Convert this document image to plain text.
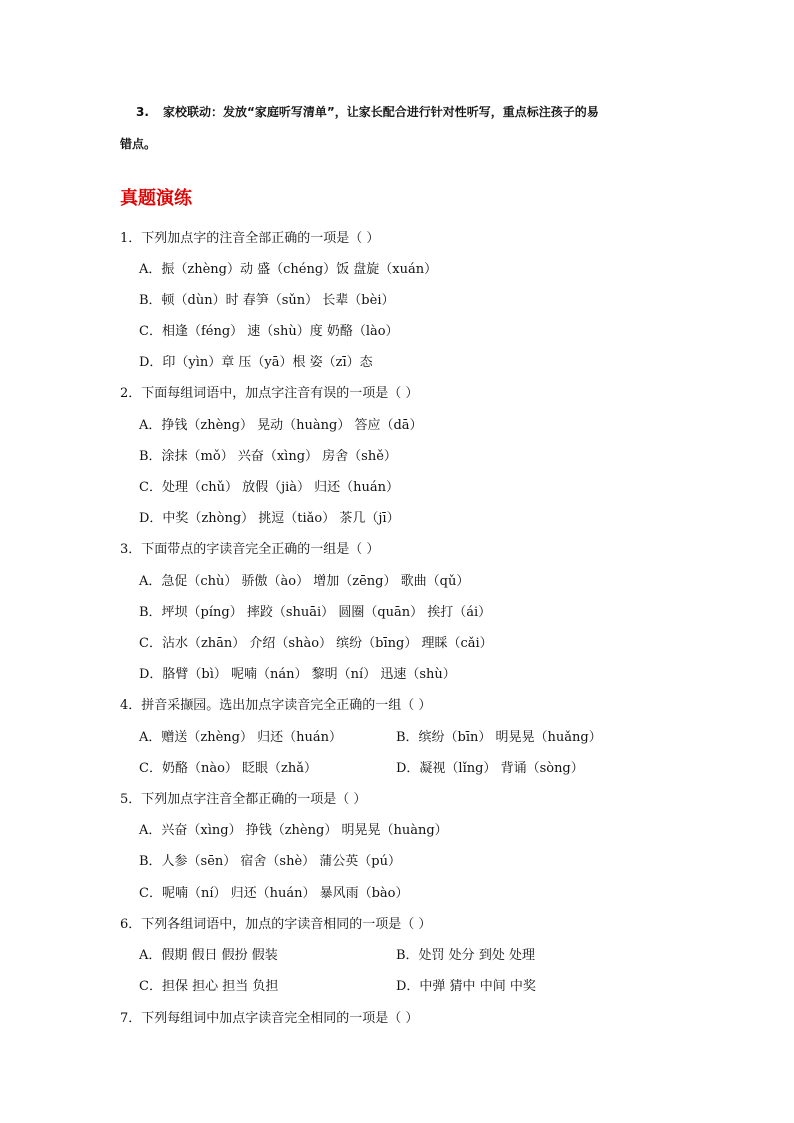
3. 家校联动：发放“家庭听写清单”，让家长配合进行针对性听写，重点标注孩子的易
错点。
真题演练
1．下列加点字的注音全部正确的一项是（ ）
A．振（zhèng）动 盛（chéng）饭 盘旋（xuán）
B．顿（dùn）时 春笋（sǔn） 长辈（bèi）
C．相逢（féng） 速（shù）度 奶酪（lào）
D．印（yìn）章 压（yā）根 姿（zī）态
2．下面每组词语中，加点字注音有误的一项是（ ）
A．挣钱（zhèng） 晃动（huàng） 答应（dā）
B．涂抹（mǒ） 兴奋（xìng） 房舍（shě）
C．处理（chǔ） 放假（jià） 归还（huán）
D．中奖（zhòng） 挑逗（tiǎo） 茶几（jī）
3．下面带点的字读音完全正确的一组是（ ）
A．急促（chù） 骄傲（ào） 增加（zēng） 歌曲（qǔ）
B．坪坝（píng） 摔跤（shuāi） 圆圈（quān） 挨打（ái）
C．沾水（zhān） 介绍（shào） 缤纷（bīng） 理睬（cǎi）
D．胳臂（bì） 呢喃（nán） 黎明（ní） 迅速（shù）
4．拼音采撷园。选出加点字读音完全正确的一组（ ）
A．赠送（zhèng） 归还（huán）	B．缤纷（bīn） 明晃晃（huǎng）
C．奶酪（nào） 眨眼（zhǎ）	D．凝视（lǐng） 背诵（sòng）
5．下列加点字注音全都正确的一项是（ ）
A．兴奋（xìng） 挣钱（zhèng） 明晃晃（huàng）
B．人参（sēn） 宿舍（shè） 蒲公英（pú）
C．呢喃（ní） 归还（huán） 暴风雨（bào）
6．下列各组词语中，加点的字读音相同的一项是（ ）
A．假期 假日 假扮 假装	B．处罚 处分 到处 处理
C．担保 担心 担当 负担	D．中弹 猜中 中间 中奖
7．下列每组词中加点字读音完全相同的一项是（ ）
